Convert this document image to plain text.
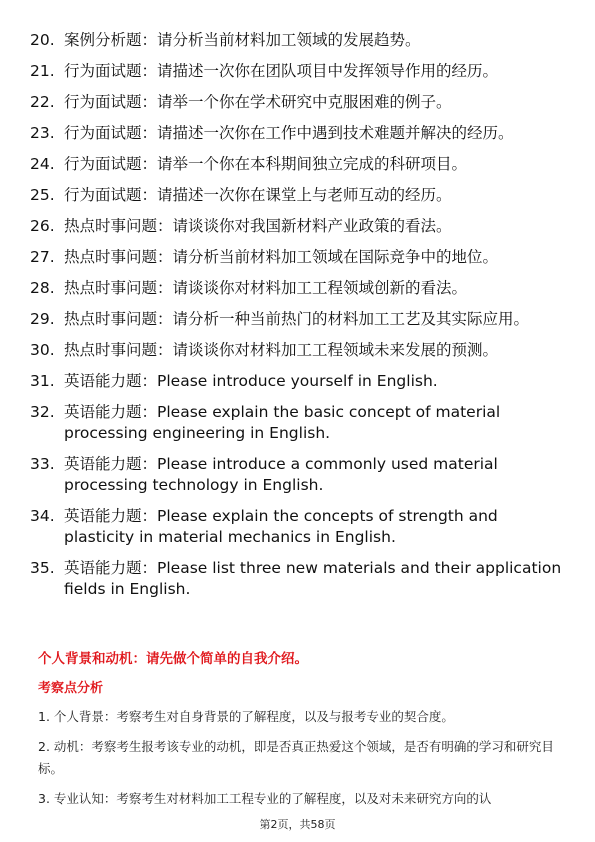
20. 案例分析题：请分析当前材料加工领域的发展趋势。
21. 行为面试题：请描述一次你在团队项目中发挥领导作用的经历。
22. 行为面试题：请举一个你在学术研究中克服困难的例子。
23. 行为面试题：请描述一次你在工作中遇到技术难题并解决的经历。
24. 行为面试题：请举一个你在本科期间独立完成的科研项目。
25. 行为面试题：请描述一次你在课堂上与老师互动的经历。
26. 热点时事问题：请谈谈你对我国新材料产业政策的看法。
27. 热点时事问题：请分析当前材料加工领域在国际竞争中的地位。
28. 热点时事问题：请谈谈你对材料加工工程领域创新的看法。
29. 热点时事问题：请分析一种当前热门的材料加工工艺及其实际应用。
30. 热点时事问题：请谈谈你对材料加工工程领域未来发展的预测。
31. 英语能力题：Please introduce yourself in English.
32. 英语能力题：Please explain the basic concept of material processing engineering in English.
33. 英语能力题：Please introduce a commonly used material processing technology in English.
34. 英语能力题：Please explain the concepts of strength and plasticity in material mechanics in English.
35. 英语能力题：Please list three new materials and their application fields in English.
个人背景和动机：请先做个简单的自我介绍。
考察点分析
1. 个人背景：考察考生对自身背景的了解程度，以及与报考专业的契合度。
2. 动机：考察考生报考该专业的动机，即是否真正热爱这个领域，是否有明确的学习和研究目标。
3. 专业认知：考察考生对材料加工工程专业的了解程度，以及对未来研究方向的认
第2页，共58页
